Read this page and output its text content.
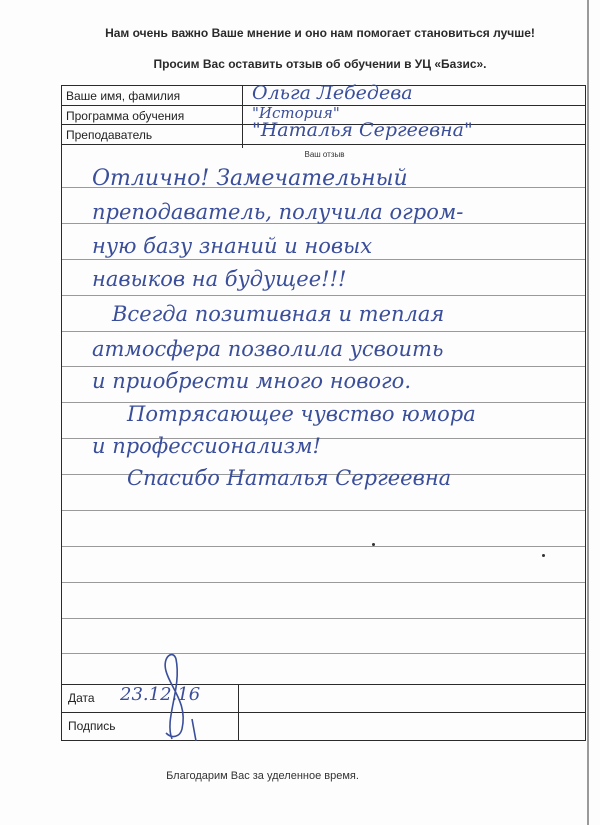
Нам очень важно Ваше мнение и оно нам помогает становиться лучше!
Просим Вас оставить отзыв об обучении в УЦ «Базис».
Ваше имя, фамилия
Программа обучения
Преподаватель
Ольга Лебедева
"История"
"Наталья Сергеевна"
Ваш отзыв
Отлично! Замечательный
преподаватель, получила огром-
ную базу знаний и новых
навыков на будущее!!!
Всегда позитивная и теплая
атмосфера позволила усвоить
и приобрести много нового.
Потрясающее чувство юмора
и профессионализм!
Спасибо Наталья Сергеевна
Дата	23.12.16
Подпись
Благодарим Вас за уделенное время.
